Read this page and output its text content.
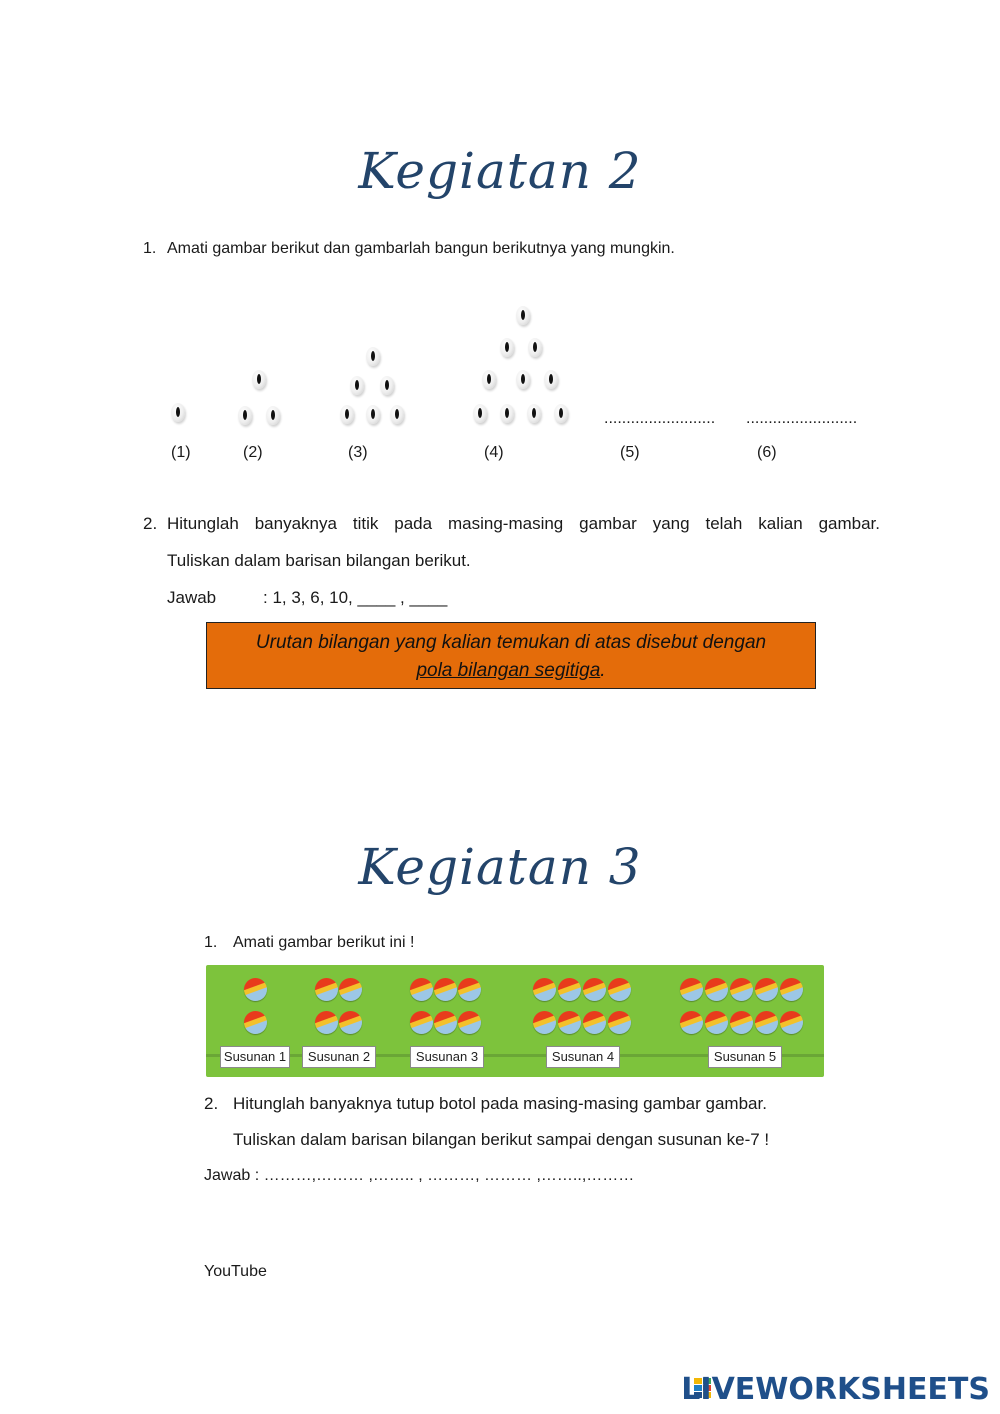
Kegiatan 2
1. Amati gambar berikut dan gambarlah bangun berikutnya yang mungkin.
......................... .........................
(1)	(2)	(3)	(4)	(5)	(6)
2. Hitunglah banyaknya titik pada masing-masing gambar yang telah kalian gambar.
Tuliskan dalam barisan bilangan berikut.
Jawab	: 1, 3, 6, 10, ____ , ____
Urutan bilangan yang kalian temukan di atas disebut dengan
pola bilangan segitiga.
Kegiatan 3
1. Amati gambar berikut ini !
Susunan 1	Susunan 2	Susunan 3	Susunan 4	Susunan 5
2. Hitunglah banyaknya tutup botol pada masing-masing gambar gambar.
Tuliskan dalam barisan bilangan berikut sampai dengan susunan ke-7 !
Jawab : ………,……… ,…….. , ………, ……… ,……..,………
YouTube
LIVEWORKSHEETS
